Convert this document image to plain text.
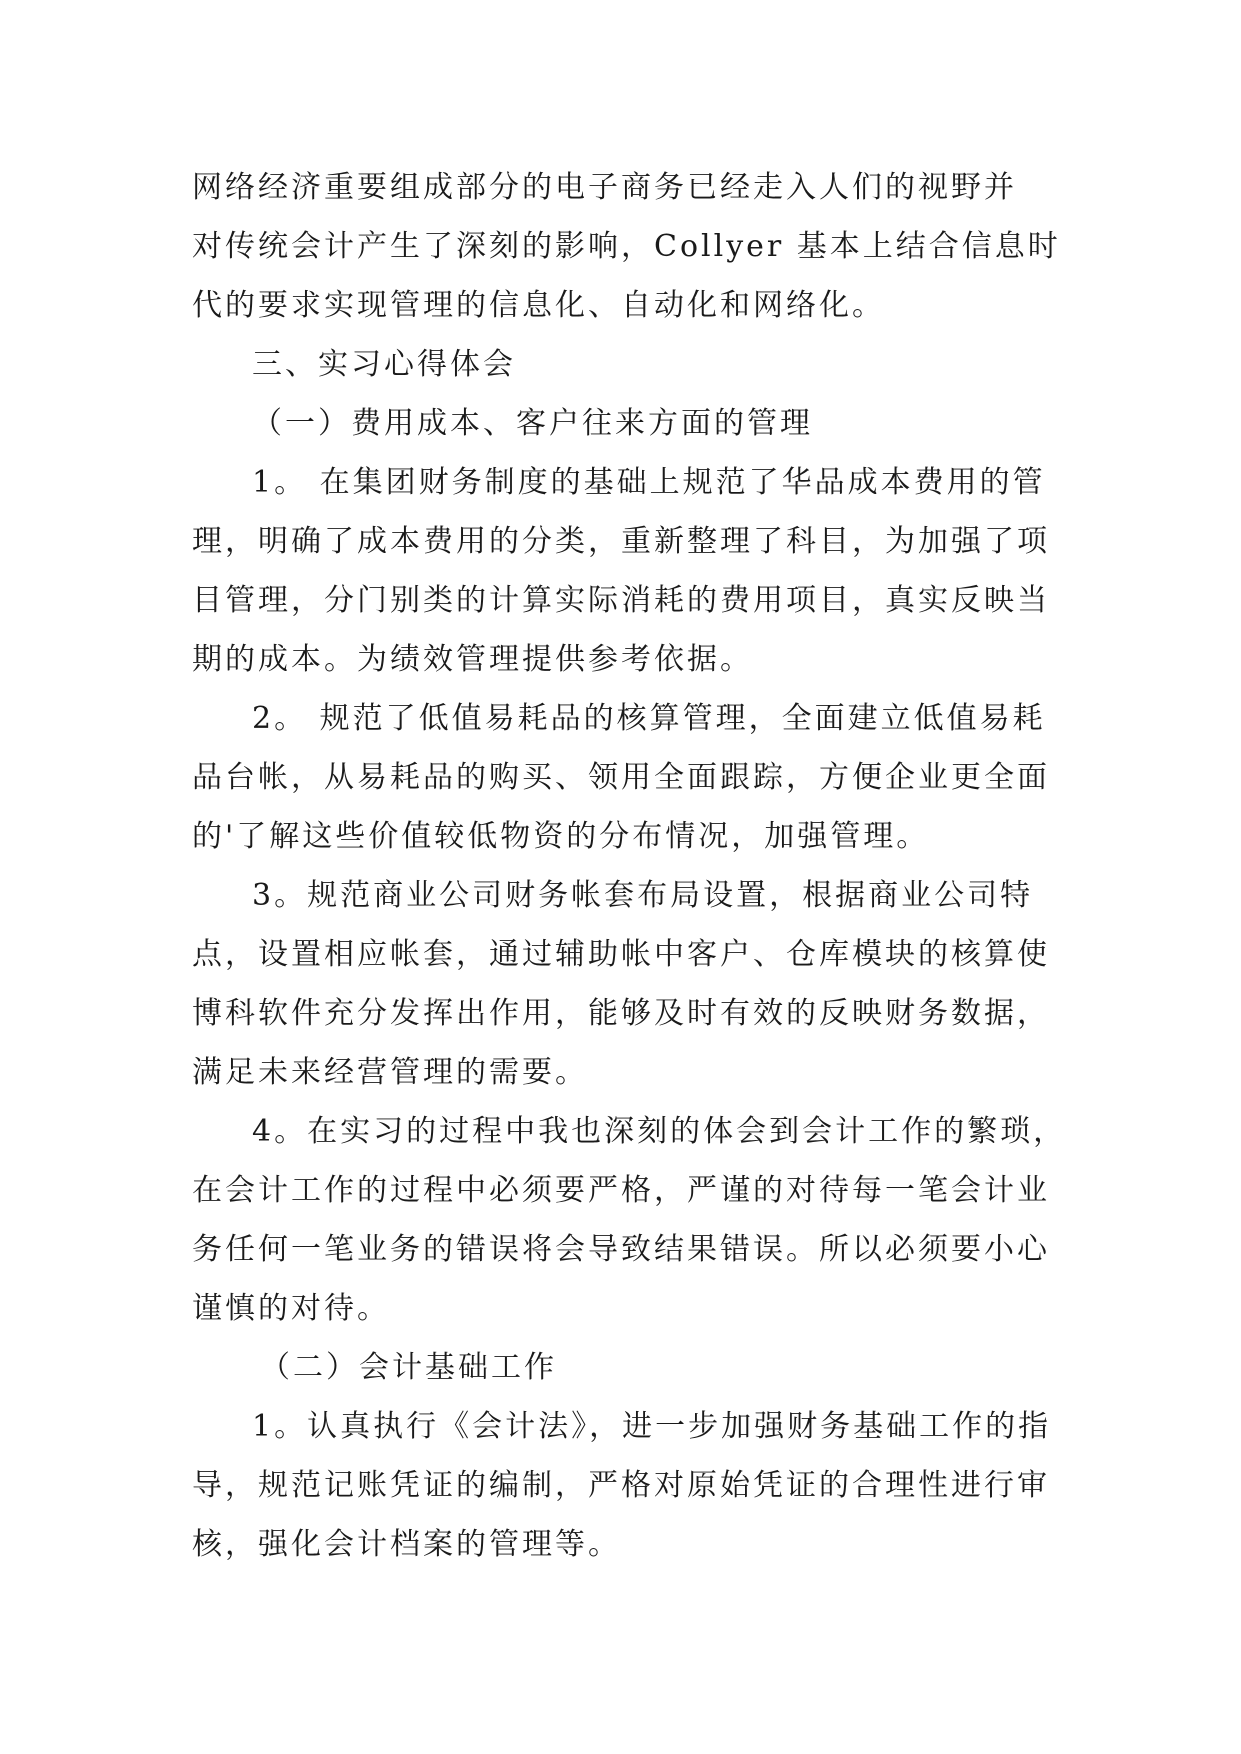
网络经济重要组成部分的电子商务已经走入人们的视野并
对传统会计产生了深刻的影响，Collyer 基本上结合信息时
代的要求实现管理的信息化、自动化和网络化。
三、实习心得体会
（一）费用成本、客户往来方面的管理
1。 在集团财务制度的基础上规范了华品成本费用的管
理，明确了成本费用的分类，重新整理了科目，为加强了项
目管理，分门别类的计算实际消耗的费用项目，真实反映当
期的成本。为绩效管理提供参考依据。
2。 规范了低值易耗品的核算管理，全面建立低值易耗
品台帐，从易耗品的购买、领用全面跟踪，方便企业更全面
的'了解这些价值较低物资的分布情况，加强管理。
3。规范商业公司财务帐套布局设置，根据商业公司特
点，设置相应帐套，通过辅助帐中客户、仓库模块的核算使
博科软件充分发挥出作用，能够及时有效的反映财务数据，
满足未来经营管理的需要。
4。在实习的过程中我也深刻的体会到会计工作的繁琐，
在会计工作的过程中必须要严格，严谨的对待每一笔会计业
务任何一笔业务的错误将会导致结果错误。所以必须要小心
谨慎的对待。
（二）会计基础工作
1。认真执行《会计法》，进一步加强财务基础工作的指
导，规范记账凭证的编制，严格对原始凭证的合理性进行审
核，强化会计档案的管理等。
